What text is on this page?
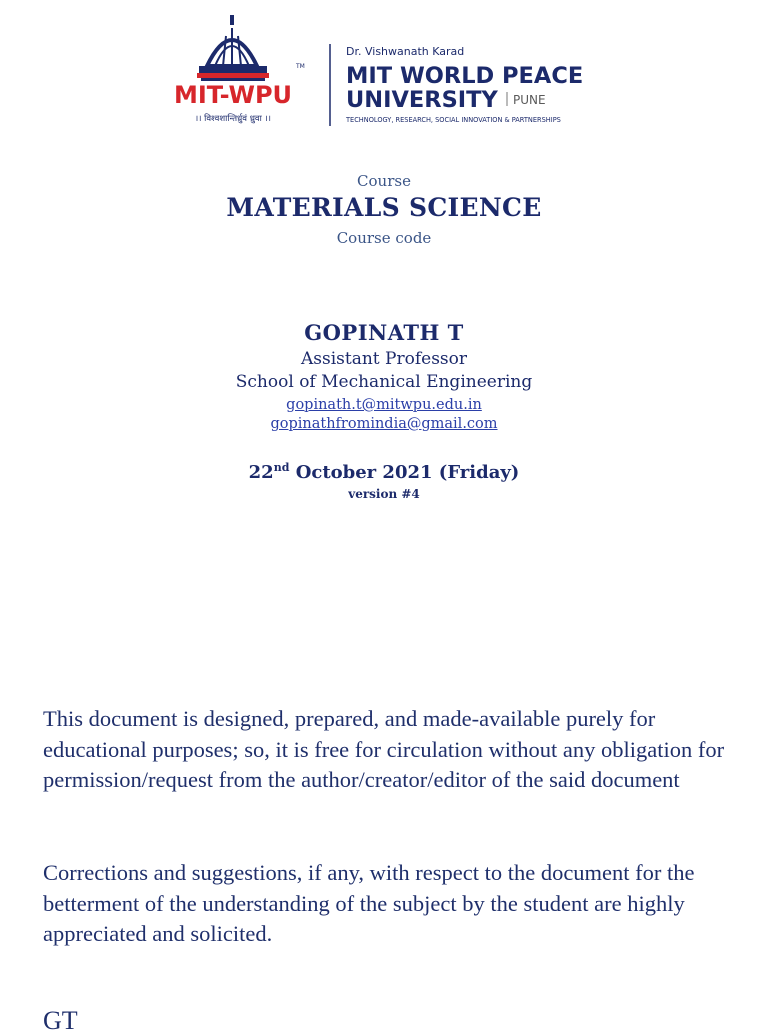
TM
MIT-WPU
।। विश्वशान्तिर्ध्रुवं ध्रुवा ।।
Dr. Vishwanath Karad
MIT WORLD PEACE
UNIVERSITY PUNE
TECHNOLOGY, RESEARCH, SOCIAL INNOVATION & PARTNERSHIPS
Course
MATERIALS SCIENCE
Course code
GOPINATH T
Assistant Professor
School of Mechanical Engineering
gopinath.t@mitwpu.edu.in
gopinathfromindia@gmail.com
22nd October 2021 (Friday)
version #4
This document is designed, prepared, and made-available purely for educational purposes; so, it is free for circulation without any obligation for permission/request from the author/creator/editor of the said document
Corrections and suggestions, if any, with respect to the document for the betterment of the understanding of the subject by the student are highly appreciated and solicited.
GT
